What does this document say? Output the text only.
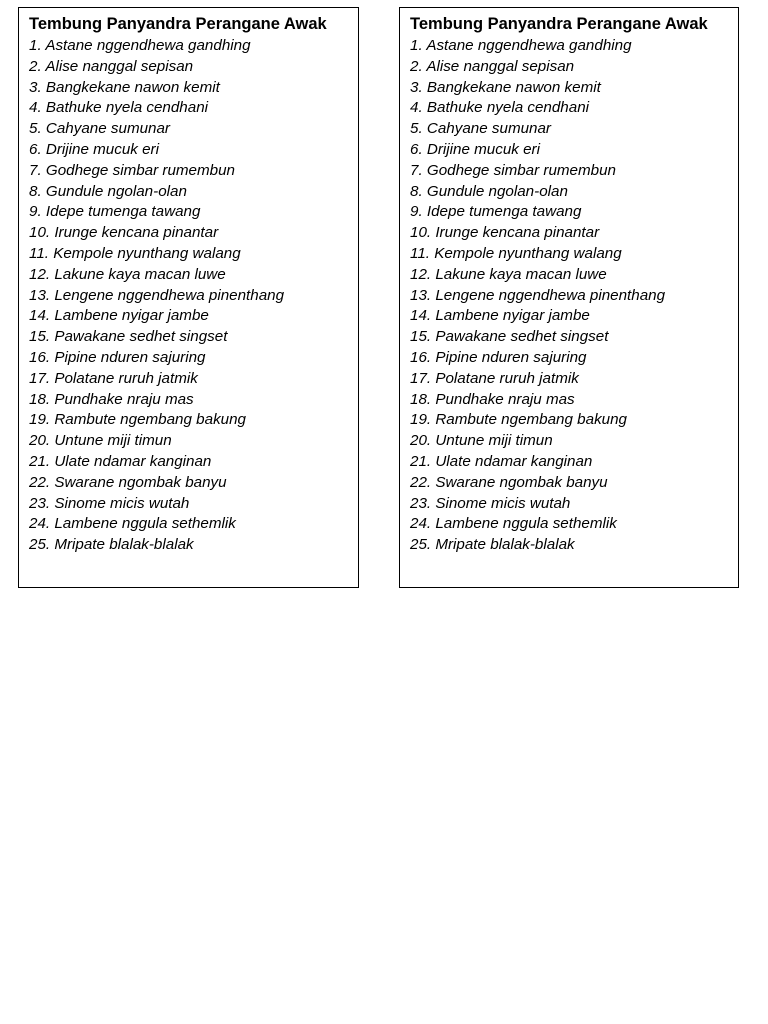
Tembung Panyandra Perangane Awak
1. Astane nggendhewa gandhing
2. Alise nanggal sepisan
3. Bangkekane nawon kemit
4. Bathuke nyela cendhani
5. Cahyane sumunar
6. Drijine mucuk eri
7. Godhege simbar rumembun
8. Gundule ngolan-olan
9. Idepe tumenga tawang
10. Irunge kencana pinantar
11. Kempole nyunthang walang
12. Lakune kaya macan luwe
13. Lengene nggendhewa pinenthang
14. Lambene nyigar jambe
15. Pawakane sedhet singset
16. Pipine nduren sajuring
17. Polatane ruruh jatmik
18. Pundhake nraju mas
19. Rambute ngembang bakung
20. Untune miji timun
21. Ulate ndamar kanginan
22. Swarane ngombak banyu
23. Sinome micis wutah
24. Lambene nggula sethemlik
25. Mripate blalak-blalak
Tembung Panyandra Perangane Awak
1. Astane nggendhewa gandhing
2. Alise nanggal sepisan
3. Bangkekane nawon kemit
4. Bathuke nyela cendhani
5. Cahyane sumunar
6. Drijine mucuk eri
7. Godhege simbar rumembun
8. Gundule ngolan-olan
9. Idepe tumenga tawang
10. Irunge kencana pinantar
11. Kempole nyunthang walang
12. Lakune kaya macan luwe
13. Lengene nggendhewa pinenthang
14. Lambene nyigar jambe
15. Pawakane sedhet singset
16. Pipine nduren sajuring
17. Polatane ruruh jatmik
18. Pundhake nraju mas
19. Rambute ngembang bakung
20. Untune miji timun
21. Ulate ndamar kanginan
22. Swarane ngombak banyu
23. Sinome micis wutah
24. Lambene nggula sethemlik
25. Mripate blalak-blalak
